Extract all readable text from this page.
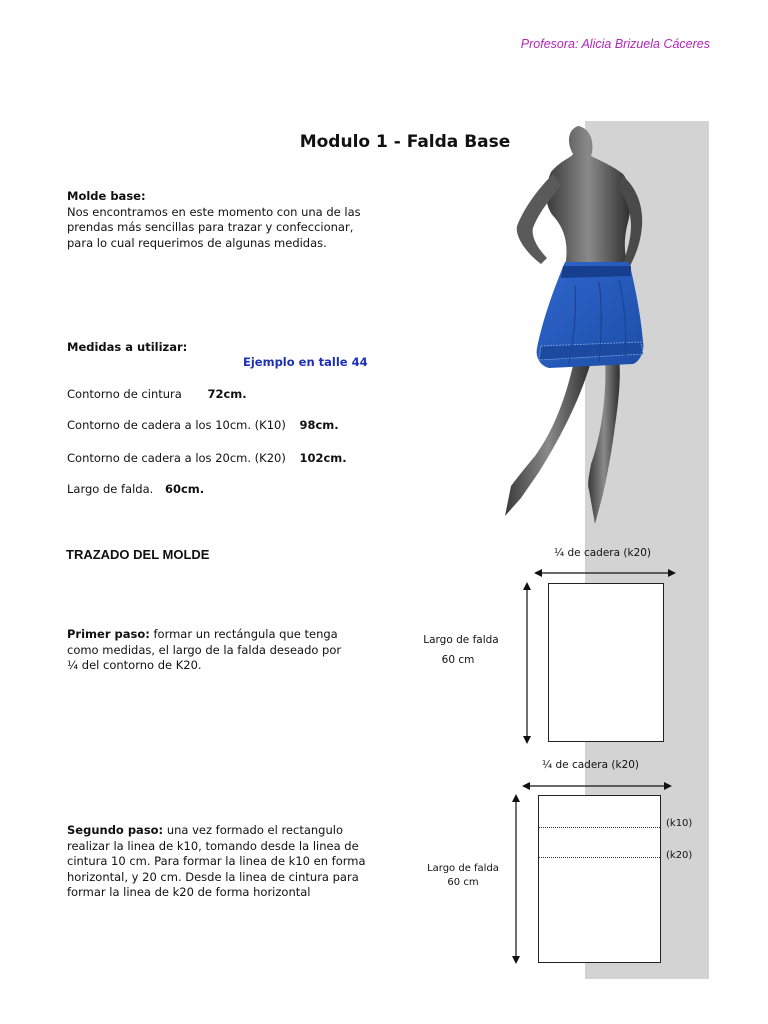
Profesora: Alicia Brizuela Cáceres
Modulo 1 - Falda Base
Molde base:
Nos encontramos en este momento con una de las
prendas más sencillas para trazar y confeccionar,
para lo cual requerimos de algunas medidas.
Medidas a utilizar:
Ejemplo en talle 44
Contorno de cintura 72cm.
Contorno de cadera a los 10cm. (K10) 98cm.
Contorno de cadera a los 20cm. (K20) 102cm.
Largo de falda. 60cm.
TRAZADO DEL MOLDE
Primer paso: formar un rectángula que tenga
como medidas, el largo de la falda deseado por
¼ del contorno de K20.
Segundo paso: una vez formado el rectangulo
realizar la linea de k10, tomando desde la linea de
cintura 10 cm. Para formar la linea de k10 en forma
horizontal, y 20 cm. Desde la linea de cintura para
formar la linea de k20 de forma horizontal
¼ de cadera (k20)
Largo de falda
60 cm
¼ de cadera (k20)
Largo de falda
60 cm
(k10)
(k20)
